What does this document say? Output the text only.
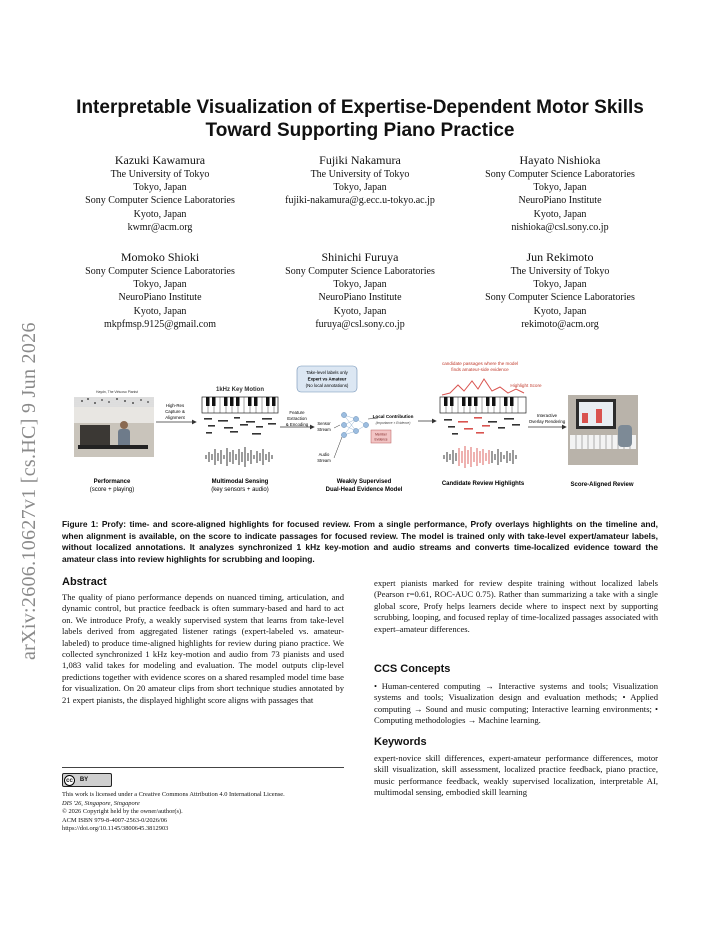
arXiv:2606.10627v1 [cs.HC] 9 Jun 2026
Interpretable Visualization of Expertise-Dependent Motor Skills
Toward Supporting Piano Practice
Kazuki Kawamura
The University of Tokyo
Tokyo, Japan
Sony Computer Science Laboratories
Kyoto, Japan
kwmr@acm.org
Fujiki Nakamura
The University of Tokyo
Tokyo, Japan
fujiki-nakamura@g.ecc.u-tokyo.ac.jp
Hayato Nishioka
Sony Computer Science Laboratories
Tokyo, Japan
NeuroPiano Institute
Kyoto, Japan
nishioka@csl.sony.co.jp
Momoko Shioki
Sony Computer Science Laboratories
Tokyo, Japan
NeuroPiano Institute
Kyoto, Japan
mkpfmsp.9125@gmail.com
Shinichi Furuya
Sony Computer Science Laboratories
Tokyo, Japan
NeuroPiano Institute
Kyoto, Japan
furuya@csl.sony.co.jp
Jun Rekimoto
The University of Tokyo
Tokyo, Japan
Sony Computer Science Laboratories
Kyoto, Japan
rekimoto@acm.org
Haydn, The Virtuoso Pianist
High-Res
Capture &
Alignment
1kHz Key Motion
Feature
Extraction
& Encoding
Take-level labels only
Expert vs Amateur
(No local annotations)
Sensor
Stream
Audio
Stream
Local Contribution
(Importance × Evidence)
Member
Evidence
candidate passages where the model
finds amateur-side evidence
Highlight Score
Interactive
Overlay Rendering
Performance
(score + playing)
Multimodal Sensing
(key sensors + audio)
Weakly Supervised
Dual-Head Evidence Model
Candidate Review Highlights	Score-Aligned Review
Figure 1: Profy: time- and score-aligned highlights for focused review. From a single performance, Profy overlays highlights on the timeline and, when alignment is available, on the score to indicate passages for focused review. The model is trained only with take-level expert/amateur labels, without localized annotations. It analyzes synchronized 1 kHz key-motion and audio streams and converts time-localized evidence toward the amateur class into review highlights for scrubbing and looping.
Abstract
The quality of piano performance depends on nuanced timing, articulation, and dynamic control, but practice feedback is often summary-based and hard to act on. We introduce Profy, a weakly supervised system that learns from take-level labels derived from aggregated listener ratings (expert-labeled vs. amateur-labeled) to produce time-aligned highlights for review during piano practice. We collected synchronized 1 kHz key-motion and audio from 73 pianists and used 1,083 valid takes for modeling and evaluation. The model outputs clip-level predictions together with evidence scores on a shared resampled model time base for visualization. On 20 amateur clips from short technique studies annotated by 21 expert pianists, the displayed highlight score aligns with passages that
cc	BY
This work is licensed under a Creative Commons Attribution 4.0 International License.
DIS '26, Singapore, Singapore
© 2026 Copyright held by the owner/author(s).
ACM ISBN 979-8-4007-2563-0/2026/06
https://doi.org/10.1145/3800645.3812903
expert pianists marked for review despite training without localized labels (Pearson r=0.61, ROC-AUC 0.75). Rather than summarizing a take with a single global score, Profy helps learners decide where to inspect next by supporting scrubbing, looping, and focused replay of time-localized passages associated with expert–amateur differences.
CCS Concepts
• Human-centered computing → Interactive systems and tools; Visualization systems and tools; Visualization design and evaluation methods; • Applied computing → Sound and music computing; Interactive learning environments; • Computing methodologies → Machine learning.
Keywords
expert-novice skill differences, expert-amateur performance differences, motor skill visualization, skill assessment, localized practice feedback, piano practice, music performance feedback, weakly supervised localization, interpretable AI, multimodal sensing, embodied skill learning
